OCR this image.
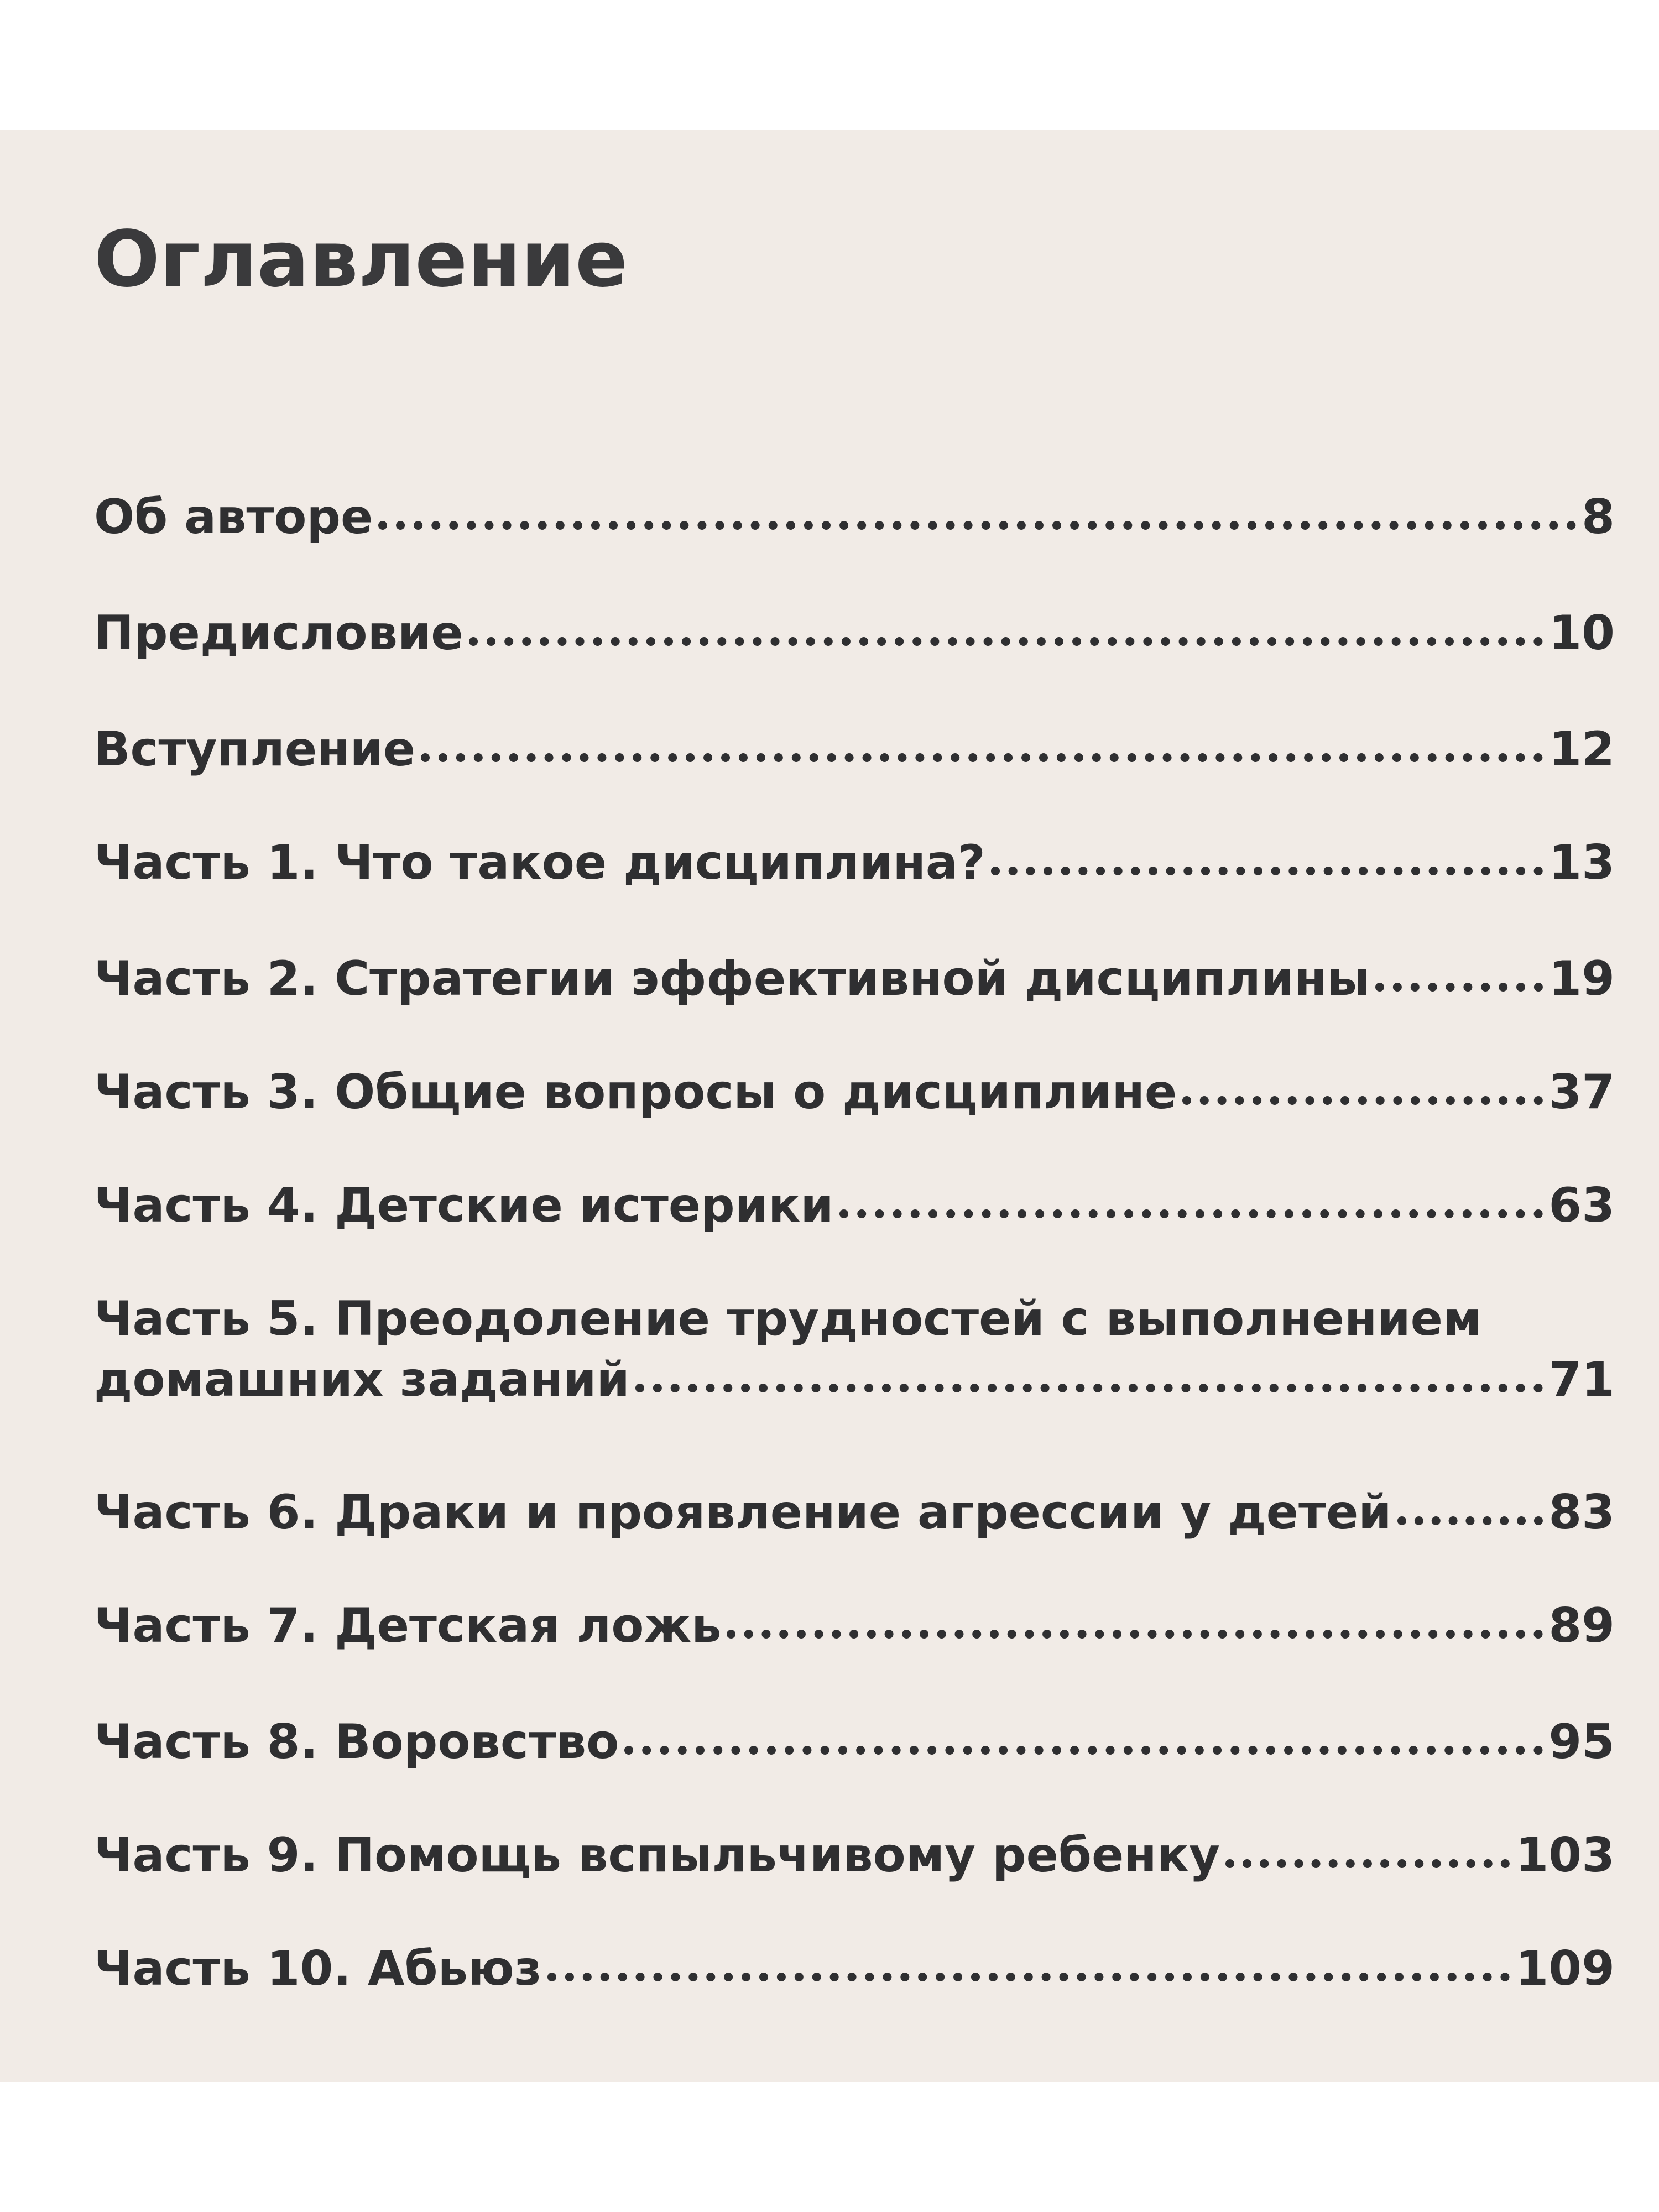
Оглавление
Об авторе	8
Предисловие	10
Вступление	12
Часть 1. Что такое дисциплина?	13
Часть 2. Стратегии эффективной дисциплины	19
Часть 3. Общие вопросы о дисциплине	37
Часть 4. Детские истерики	63
Часть 5. Преодоление трудностей с выполнением
домашних заданий	71
Часть 6. Драки и проявление агрессии у детей	83
Часть 7. Детская ложь	89
Часть 8. Воровство	95
Часть 9. Помощь вспыльчивому ребенку	103
Часть 10. Абьюз	109
